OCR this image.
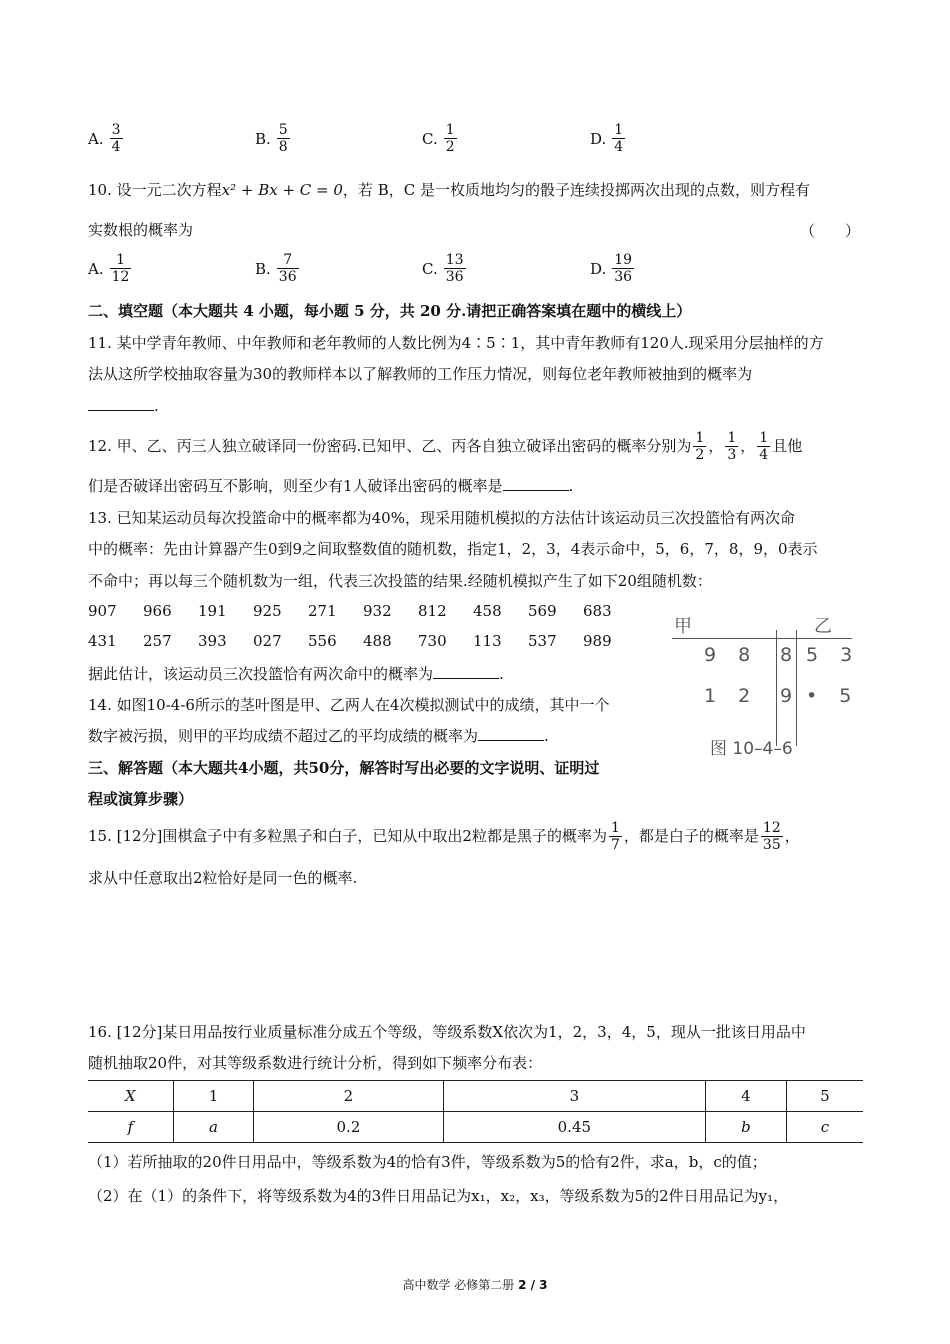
A. $\frac{3}{4}$	B. $\frac{5}{8}$	C. $\frac{1}{2}$	D. $\frac{1}{4}$
10. 设一元二次方程x² + Bx + C = 0，若 B，C 是一枚质地均匀的骰子连续投掷两次出现的点数，则方程有
实数根的概率为	（　　）
A. $\frac{1}{12}$	B. $\frac{7}{36}$	C. $\frac{13}{36}$	D. $\frac{19}{36}$
二、填空题（本大题共 4 小题，每小题 5 分，共 20 分.请把正确答案填在题中的横线上）
11. 某中学青年教师、中年教师和老年教师的人数比例为4∶5∶1，其中青年教师有120人.现采用分层抽样的方
法从这所学校抽取容量为30的教师样本以了解教师的工作压力情况，则每位老年教师被抽到的概率为
.
12. 甲、乙、丙三人独立破译同一份密码.已知甲、乙、丙各自独立破译出密码的概率分别为 $\frac{1}{2}$ ， $\frac{1}{3}$ ， $\frac{1}{4}$ 且他
们是否破译出密码互不影响，则至少有1人破译出密码的概率是	.
13. 已知某运动员每次投篮命中的概率都为40%，现采用随机模拟的方法估计该运动员三次投篮恰有两次命
中的概率：先由计算器产生0到9之间取整数值的随机数，指定1，2，3，4表示命中，5，6，7，8，9，0表示
不命中；再以每三个随机数为一组，代表三次投篮的结果.经随机模拟产生了如下20组随机数：
907	966	191	925	271	932	812	458	569	683
431	257	393	027	556	488	730	113	537	989
据此估计，该运动员三次投篮恰有两次命中的概率为	.
14. 如图10-4-6所示的茎叶图是甲、乙两人在4次模拟测试中的成绩，其中一个
数字被污损，则甲的平均成绩不超过乙的平均成绩的概率为	.
甲	乙
9 8 8 5 3
1 2 9 • 5
图 10–4–6
三、解答题（本大题共4小题，共50分，解答时写出必要的文字说明、证明过
程或演算步骤）
15. [12分]围棋盒子中有多粒黑子和白子，已知从中取出2粒都是黑子的概率为 $\frac{1}{7}$ ，都是白子的概率是 $\frac{12}{35}$ ，
求从中任意取出2粒恰好是同一色的概率.
16. [12分]某日用品按行业质量标准分成五个等级，等级系数X依次为1，2，3，4，5，现从一批该日用品中
随机抽取20件，对其等级系数进行统计分析，得到如下频率分布表：
X	1	2	3	4	5
f	a	0.2	0.45	b	c
（1）若所抽取的20件日用品中，等级系数为4的恰有3件，等级系数为5的恰有2件，求a，b，c的值；
（2）在（1）的条件下，将等级系数为4的3件日用品记为x₁，x₂，x₃，等级系数为5的2件日用品记为y₁，
高中数学 必修第二册 2 / 3
